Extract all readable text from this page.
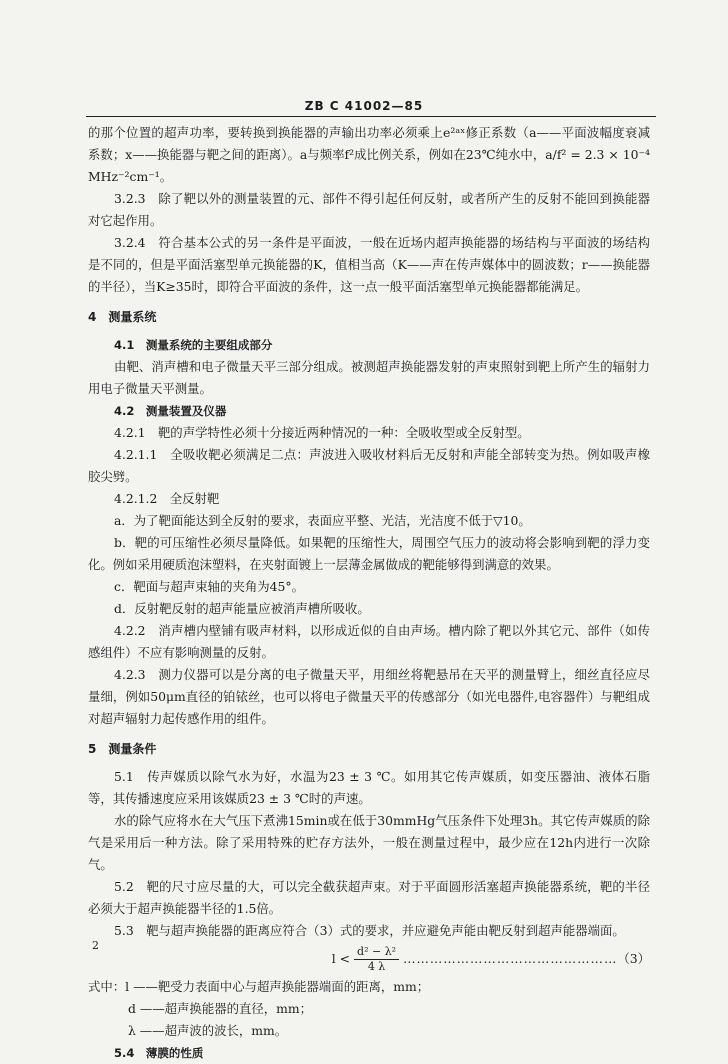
ZB C 41002—85

的那个位置的超声功率，要转换到换能器的声输出功率必须乘上e²ᵃˣ修正系数（a——平面波幅度衰减系数；x——换能器与靶之间的距离）。a与频率f²成比例关系，例如在23℃纯水中，a/f² = 2.3 × 10⁻⁴ MHz⁻²cm⁻¹。

3.2.3　除了靶以外的测量装置的元、部件不得引起任何反射，或者所产生的反射不能回到换能器对它起作用。

3.2.4　符合基本公式的另一条件是平面波，一般在近场内超声换能器的场结构与平面波的场结构是不同的，但是平面活塞型单元换能器的K，值相当高（K——声在传声媒体中的圆波数；r——换能器的半径），当K≥35时，即符合平面波的条件，这一点一般平面活塞型单元换能器都能满足。

4　测量系统

4.1　测量系统的主要组成部分

由靶、消声槽和电子微量天平三部分组成。被测超声换能器发射的声束照射到靶上所产生的辐射力用电子微量天平测量。

4.2　测量装置及仪器

4.2.1　靶的声学特性必须十分接近两种情况的一种：全吸收型或全反射型。

4.2.1.1　全吸收靶必须满足二点：声波进入吸收材料后无反射和声能全部转变为热。例如吸声橡胶尖劈。

4.2.1.2　全反射靶

a．为了靶面能达到全反射的要求，表面应平整、光洁，光洁度不低于▽10。

b．靶的可压缩性必须尽量降低。如果靶的压缩性大，周围空气压力的波动将会影响到靶的浮力变化。例如采用硬质泡沫塑料，在夹射面镀上一层薄金属做成的靶能够得到满意的效果。

c．靶面与超声束轴的夹角为45°。

d．反射靶反射的超声能量应被消声槽所吸收。

4.2.2　消声槽内壁铺有吸声材料，以形成近似的自由声场。槽内除了靶以外其它元、部件（如传感组件）不应有影响测量的反射。

4.2.3　测力仪器可以是分离的电子微量天平，用细丝将靶悬吊在天平的测量臂上，细丝直径应尽量细，例如50μm直径的铂铱丝，也可以将电子微量天平的传感部分（如光电器件,电容器件）与靶组成对超声辐射力起传感作用的组件。

5　测量条件

5.1　传声媒质以除气水为好，水温为23 ± 3 ℃。如用其它传声媒质，如变压器油、液体石脂等，其传播速度应采用该媒质23 ± 3 ℃时的声速。

水的除气应将水在大气压下煮沸15min或在低于30mmHg气压条件下处理3h。其它传声媒质的除气是采用后一种方法。除了采用特殊的贮存方法外，一般在测量过程中，最少应在12h内进行一次除气。

5.2　靶的尺寸应尽量的大，可以完全截获超声束。对于平面圆形活塞超声换能器系统，靶的半径必须大于超声换能器半径的1.5倍。

5.3　靶与超声换能器的距离应符合（3）式的要求，并应避免声能由靶反射到超声能器端面。

$l < \frac{\text{d² − λ²}}{4 \lambda}$ ………………………………………… （3）

式中：l ——靶受力表面中心与超声换能器端面的距离，mm；

d ——超声换能器的直径，mm；

λ ——超声波的波长，mm。

5.4　薄膜的性质

2
